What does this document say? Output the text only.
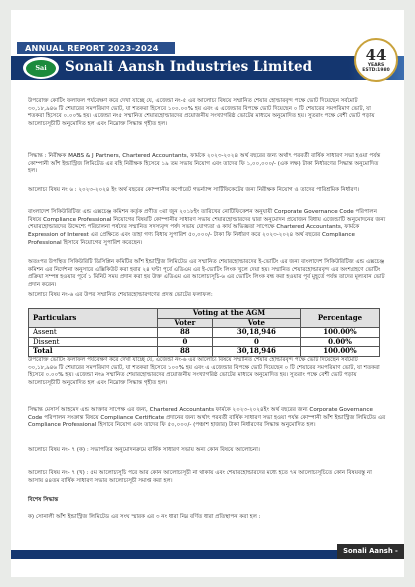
ANNUAL REPORT 2023-2024
Sai	Sonali Aansh Industries Limited
44
YEARS
ESTD:1980

উপরোক্ত কোটিং ফলাফল পর্যবেক্ষণ করে দেখা যাচ্ছে যে, এজেন্ডা নং-৫ এর আলোচ্য বিষয়ে সম্মানিত শেয়ার হোল্ডারবৃন্দ পক্ষে ভোট দিয়েছেন সর্বমোট ৩০,১৮,৯৪৬ টি শেয়ারের সমপরিমাণ ভোট, যা শতকরা হিসেবে ১০০.০০% হয় এবং এ এজেন্ডার বিপক্ষে ভোট দিয়েছেন ০ টি শেয়ারের সমপরিমাণ ভোট, যা শতকরা হিসেবে ০.০০% হয়। এজেন্ডা নং৫ সম্মানিত শেয়ারহোল্ডারদের প্রয়োজনীয় সংখ্যাগরিষ্ঠ ভোটের মাধ্যমে অনুমোদিত হয়। সুতরাং পক্ষে বেশী ভোট পড়ায় আলোচ্যসূচীটি অনুমোদিত হল এবং নিম্নোক্ত সিদ্ধান্ত গৃহীত হল।

সিদ্ধান্ত : নিরীক্ষক MABS & J Partners, Chartered Accountants, ফার্মকে ২০২৩-২০২৪ অর্থ বছরের জন্য অর্থাৎ পরবর্তী বার্ষিক সাধারণ সভা হওয়া পর্যন্ত কোম্পানী আঁশ ইন্ডাস্ট্রিজ লিমিটেড এর বহি নিরীক্ষক হিসেবে ১৯ তম সভায় নিয়োগ এবং তাদের ফি ১,০০,০০০/- (এক লক্ষ) টাকা নির্ধারণের সিদ্ধান্ত অনুমোদিত হল।

আলোচ্য বিষয় নং ৬ : ২০২৩-২০২৪ ইং অর্থ বছরের কোম্পানীর কর্পোরেট গভর্ন্যান্স সার্টিফিকেটের জন্য নিরীক্ষক নিয়োগ ও তাদের পারিশ্রমিক নির্ধারণ।

বাংলাদেশ সিকিউরিটিজ এন্ড এক্সচেঞ্জ কমিশন কর্তৃক প্রণীত ৩রা জুন ২০১৮ইং তারিখের নোটিফিকেশন অনুযায়ী Corporate Governance Code পরিপালন বিষয়ে Compliance Professional নিয়োগের বিষয়টি কোম্পানীর সাধারণ সভায় শেয়ারহোল্ডারদের দ্বারা অনুমোদন প্রয়োজন বিধায় এজেন্ডাটি অনুমোদনের জন্য শেয়ারহোল্ডারদের উদ্দেশ্যে পরিচালনা পর্ষদের সম্মানিত সদস্যবৃন্দ পর্ষদ সভায় যোগ্যতা ও কার্য অভিজ্ঞতা সাপেক্ষে Chartered Accountants, ফার্মকে Expression of Interest এর প্রেক্ষিতে এবং তাহা গণ্য বিধায় সুপারিশ ৫০,০০০/- টাকা ফি নির্ধারণ করে ২০২৩-২০২৪ অর্থ বছরের Compliance Professional হিসাবে নিয়োগের সুপারিশ করেছেন।

অতঃপর উপস্থিত সিকিউরিটি ডিসিপ্লিন কমিটির আঁশ ইন্ডাস্ট্রিজ লিমিটেড এর সম্মানিত শেয়ারহোল্ডারদের ই-ভোটিং এর জন্য বাংলাদেশ সিকিউরিটিজ এন্ড এক্সচেঞ্জ কমিশন এর নির্দেশনা অনুসারে এক্সিকিউট করা হবার ২৪ ঘন্টা পূর্বে এডিএম এর ই-ভোটিং লিংক খুলে দেয়া হয়। সম্মানিত শেয়ারহোল্ডারবৃন্দ এর অংশগ্রহণে ভোটিং প্রক্রিয়া সম্পন্ন হওয়ার পূর্বে ১ মিনিট সময় প্রদান করা হয় উক্ত এডিএম এর আলোচ্যসূচি-৬ এর ভোটিং লিংক বন্ধ করা হওয়ার পূর্ব মুহূর্তে পর্যন্ত তাদের মূল্যবান ভোট প্রদান করেন।

আলোচ্য বিষয় নং-৬ এর উপর সম্মানিত শেয়ারহোল্ডারগণের প্রদত্ত ভোটের ফলাফল:

Particulars	Voting at the AGM		Percentage
	Voter	Vote	
Assent	88	30,18,946	100.00%
Dissent	0	0	0.00%
Total	88	30,18,946	100.00%

উপরোক্ত ভোটিং ফলাফল পর্যবেক্ষণ করে দেখা যাচ্ছে যে, এজেন্ডা নং-৬ এর আলোচ্য বিষয়ে সম্মানিত শেয়ার হোল্ডারবৃন্দ পক্ষে ভোট দিয়েছেন সর্বমোট ৩০,১৮,৯৪৬ টি শেয়ারের সমপরিমাণ ভোট, যা শতকরা হিসেবে ১০০% হয় এবং এ এজেন্ডার বিপক্ষে ভোট দিয়েছেন ০ টি শেয়ারের সমপরিমাণ ভোট, যা শতকরা হিসেবে ০.০০% হয়। এজেন্ডা নং৬ সম্মানিত শেয়ারহোল্ডারদের প্রয়োজনীয় সংখ্যাগরিষ্ঠ ভোটের মাধ্যমে অনুমোদিত হয়। সুতরাং পক্ষে বেশী ভোট পড়ায় আলোচ্যসূচীটি অনুমোদিত হল এবং নিম্নোক্ত সিদ্ধান্ত গৃহীত হল।

সিদ্ধান্ত মেসার্স আহমেদ এন্ড আক্তার সাপেক্ষ এর জন্য, Chartered Accountants ফার্মকে ২০২৩-২০২৪ইং অর্থ বছরের জন্য Corporate Governance Code পরিপালন সংক্রান্ত বিষয়ে Compliance Certificate প্রদানের জন্য অর্থাৎ পরবর্তী বার্ষিক সাধারণ সভা হওয়া পর্যন্ত কোম্পানী আঁশ ইন্ডাস্ট্রিজ লিমিটেড এর Compliance Professional হিসাবে নিয়োগ এবং তাদের ফি ৫০,০০০/- (পঞ্চাশ হাজার) টাকা নির্ধারণের সিদ্ধান্ত অনুমোদিত হল।

আলোচ্য বিষয় নং- ৭ (ক) : সভাপতির অনুমোদনক্রমে বার্ষিক সাধারণ সভায় অন্য কোন বিষয়ে আলোচনা।

আলোচ্য বিষয় নং- ৭ (খ) : ৫ম আলোচ্যসূচি পরে আর কোন আলোচ্যসূচী না থাকায় এবং শেয়ারহোল্ডারদের মধ্যে হতে ৭ম আলোচ্যসূচিতে কোন বিষয়বস্তু না আসায় ৪৪তম বার্ষিক সাধারণ সভার আলোচ্যসূচী সমাপ্ত করা হল।

বিশেষ সিদ্ধান্ত

ক) সোনালী আঁশ ইন্ডাস্ট্রিজ লিমিটেড এর সংঘ স্মারক এর ৩ নং ধারা নিম্ন বর্ণিত ধারা প্রতিস্থাপন করা হল :

Sonali Aansh - 111
